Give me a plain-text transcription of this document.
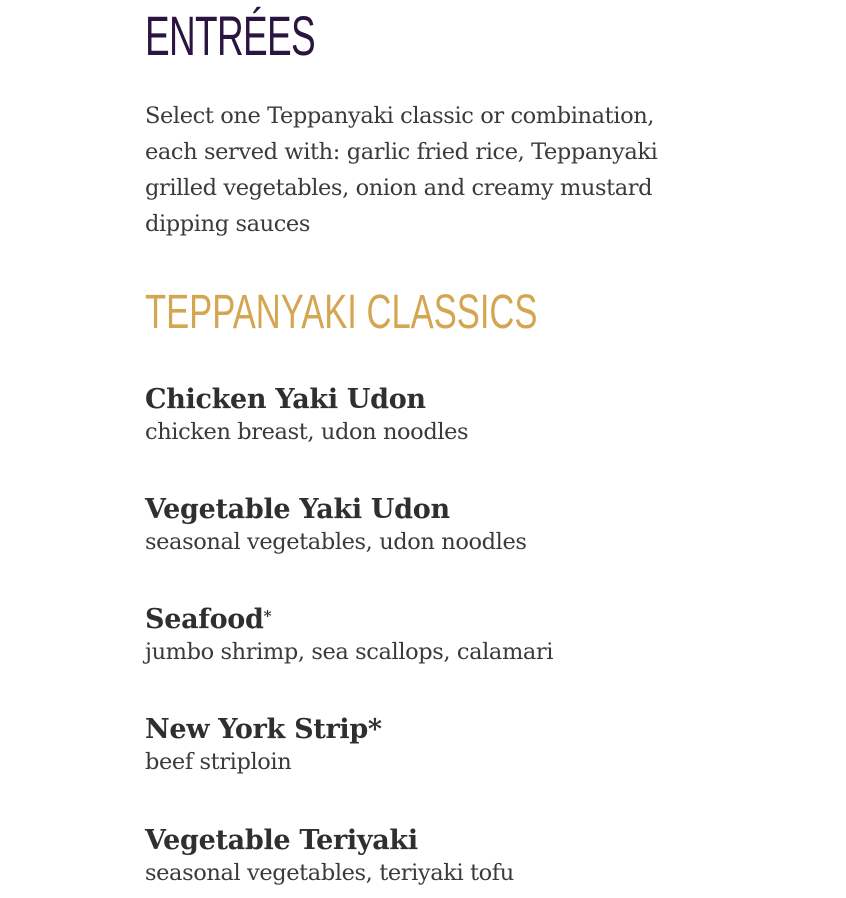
ENTRÉES

Select one Teppanyaki classic or combination, each served with: garlic fried rice, Teppanyaki grilled vegetables, onion and creamy mustard dipping sauces

TEPPANYAKI CLASSICS
Chicken Yaki Udon
chicken breast, udon noodles
Vegetable Yaki Udon
seasonal vegetables, udon noodles
Seafood*
jumbo shrimp, sea scallops, calamari
New York Strip*
beef striploin
Vegetable Teriyaki
seasonal vegetables, teriyaki tofu
